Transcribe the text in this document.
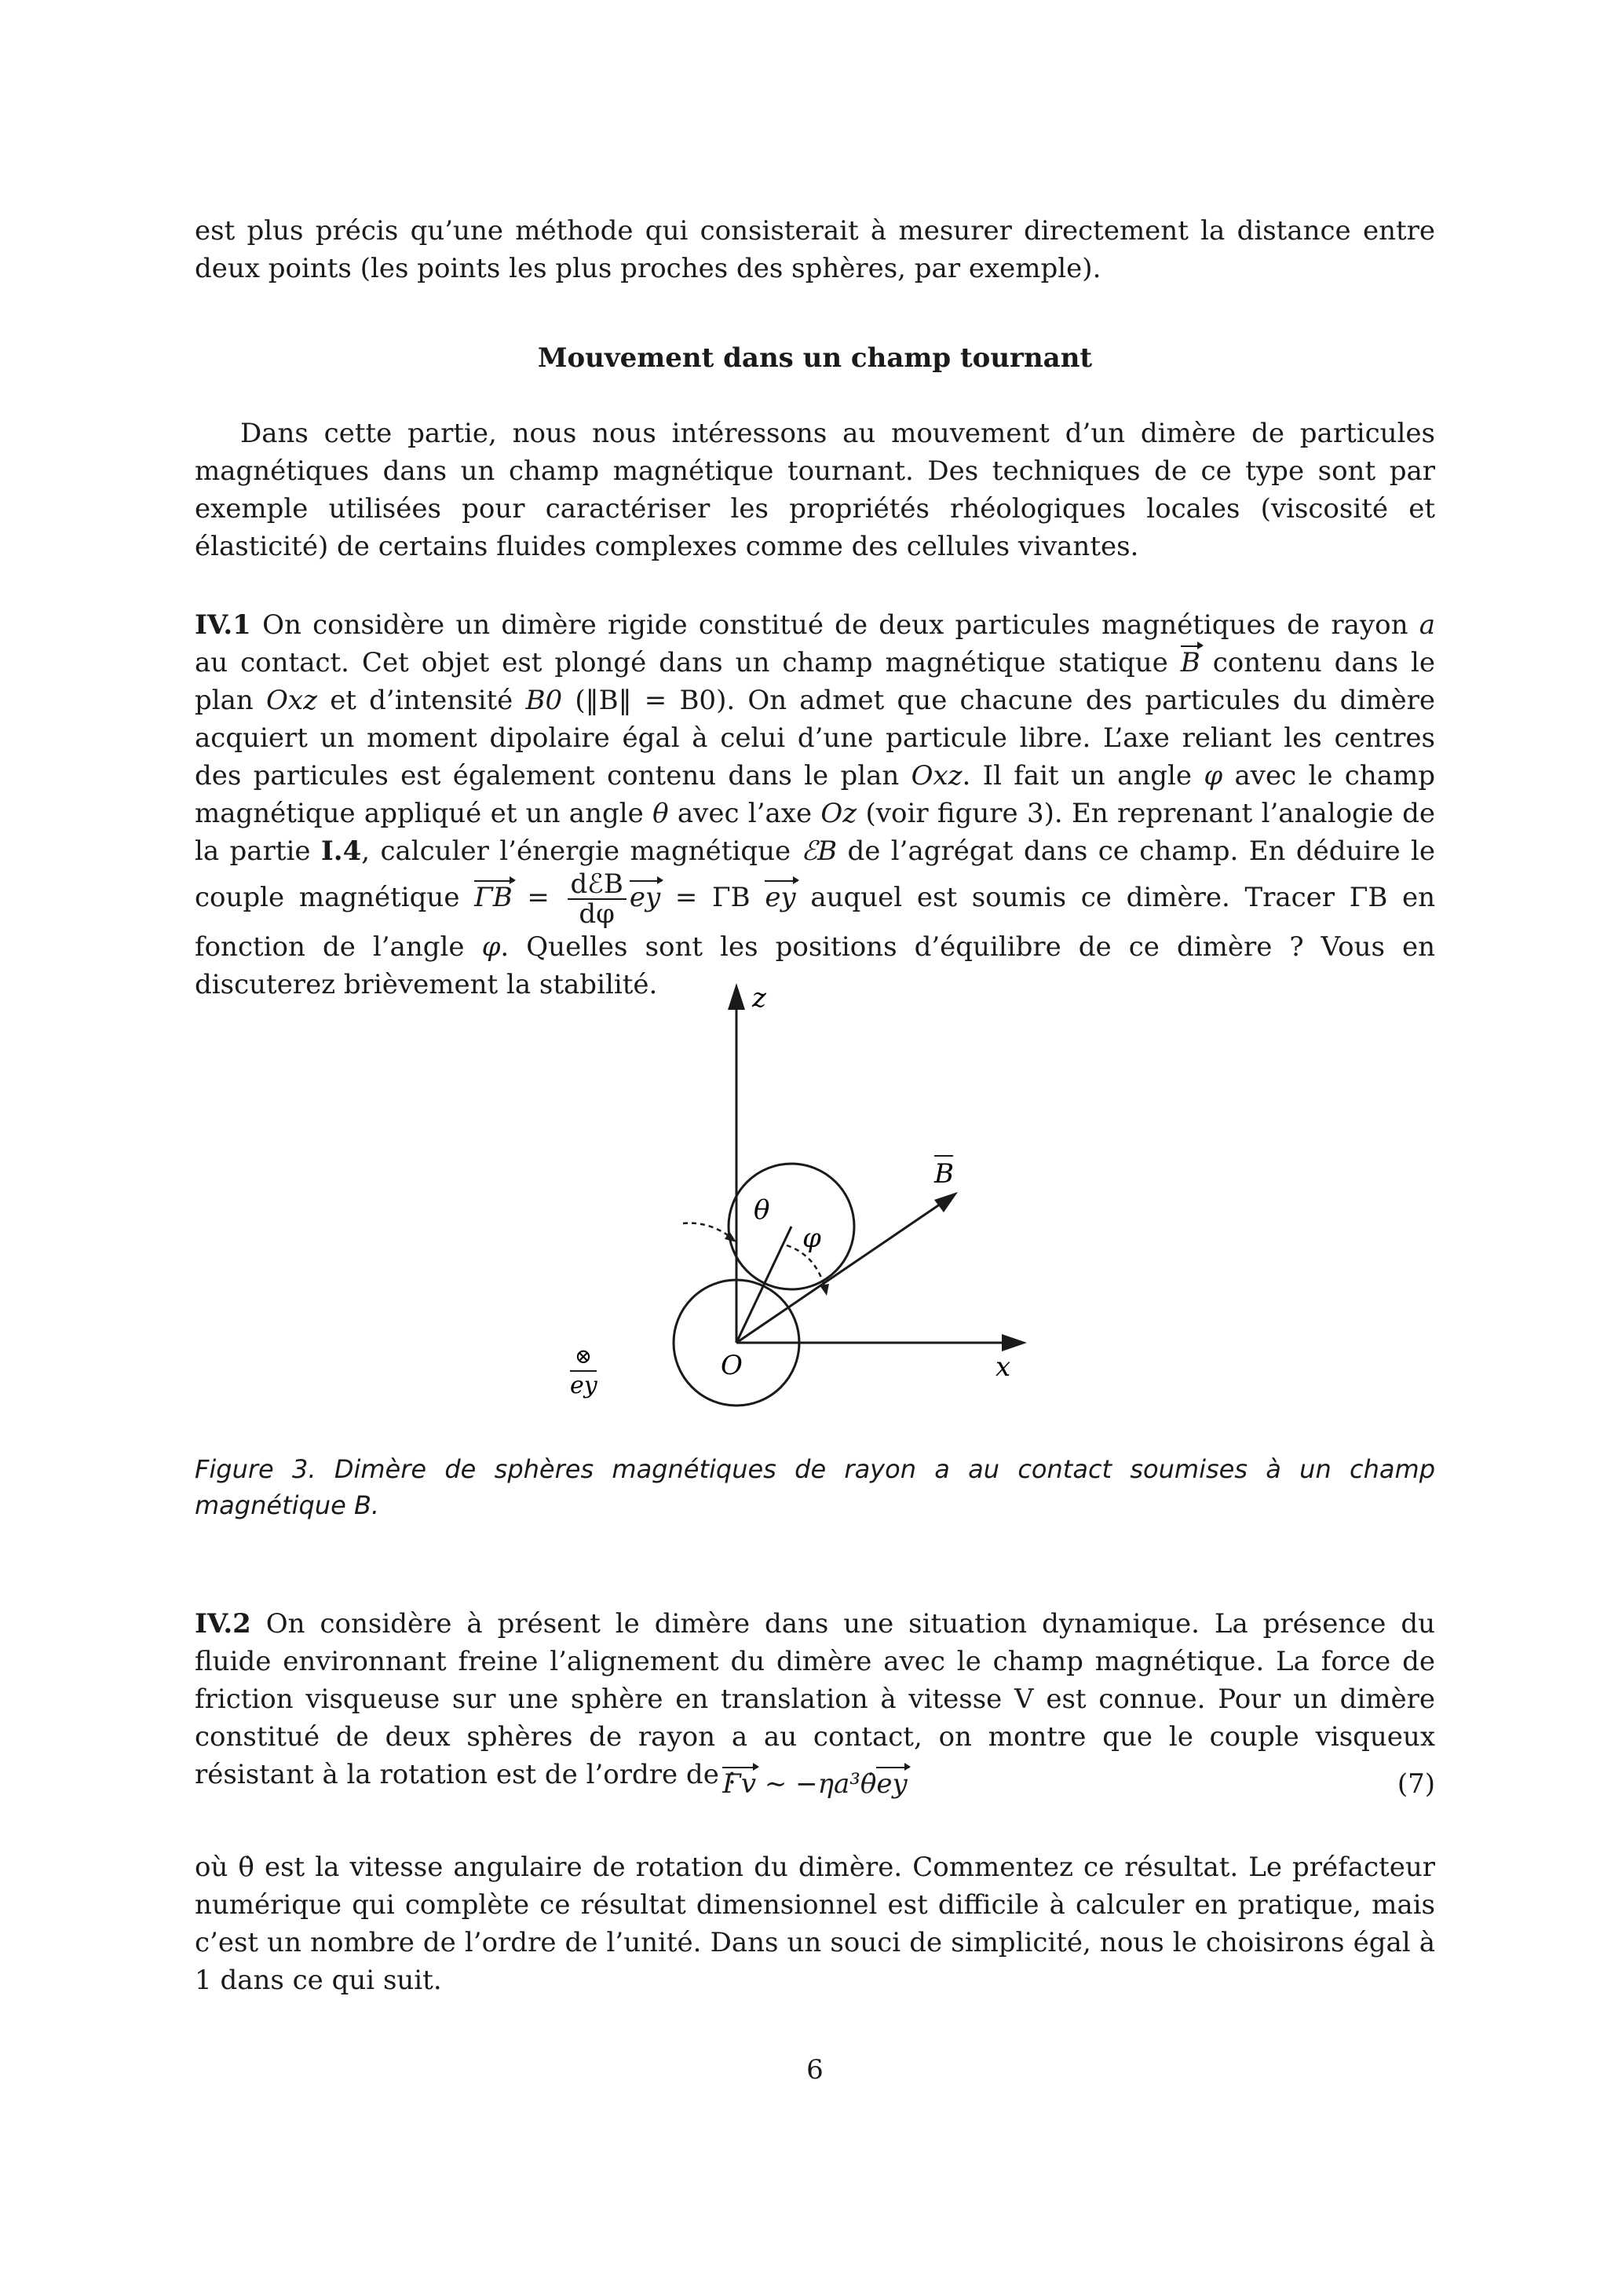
est plus précis qu’une méthode qui consisterait à mesurer directement la distance entre deux points (les points les plus proches des sphères, par exemple).
Mouvement dans un champ tournant
Dans cette partie, nous nous intéressons au mouvement d’un dimère de particules magnétiques dans un champ magnétique tournant. Des techniques de ce type sont par exemple utilisées pour caractériser les propriétés rhéologiques locales (viscosité et élasticité) de certains fluides complexes comme des cellules vivantes.
IV.1 On considère un dimère rigide constitué de deux particules magnétiques de rayon a au contact. Cet objet est plongé dans un champ magnétique statique B contenu dans le plan Oxz et d’intensité B0 (‖B‖ = B0). On admet que chacune des particules du dimère acquiert un moment dipolaire égal à celui d’une particule libre. L’axe reliant les centres des particules est également contenu dans le plan Oxz. Il fait un angle φ avec le champ magnétique appliqué et un angle θ avec l’axe Oz (voir figure 3). En reprenant l’analogie de la partie I.4, calculer l’énergie magnétique ℰB de l’agrégat dans ce champ. En déduire le couple magnétique $\Gamma B = \frac{\text{dℰB}}{d\varphi}$ ey = ΓB ey auquel est soumis ce dimère. Tracer ΓB en fonction de l’angle φ. Quelles sont les positions d’équilibre de ce dimère ? Vous en discuterez brièvement la stabilité.	z
x
O
B
θ
φ
⊗
ey
Figure 3. Dimère de sphères magnétiques de rayon a au contact soumises à un champ magnétique B.
IV.2 On considère à présent le dimère dans une situation dynamique. La présence du fluide environnant freine l’alignement du dimère avec le champ magnétique. La force de friction visqueuse sur une sphère en translation à vitesse V est connue. Pour un dimère constitué de deux sphères de rayon a au contact, on montre que le couple visqueux résistant à la rotation est de l’ordre de :
Γv ∼ −ηa³θ̇ey	(7)
où θ̇ est la vitesse angulaire de rotation du dimère. Commentez ce résultat. Le préfacteur numérique qui complète ce résultat dimensionnel est difficile à calculer en pratique, mais c’est un nombre de l’ordre de l’unité. Dans un souci de simplicité, nous le choisirons égal à 1 dans ce qui suit.
6
